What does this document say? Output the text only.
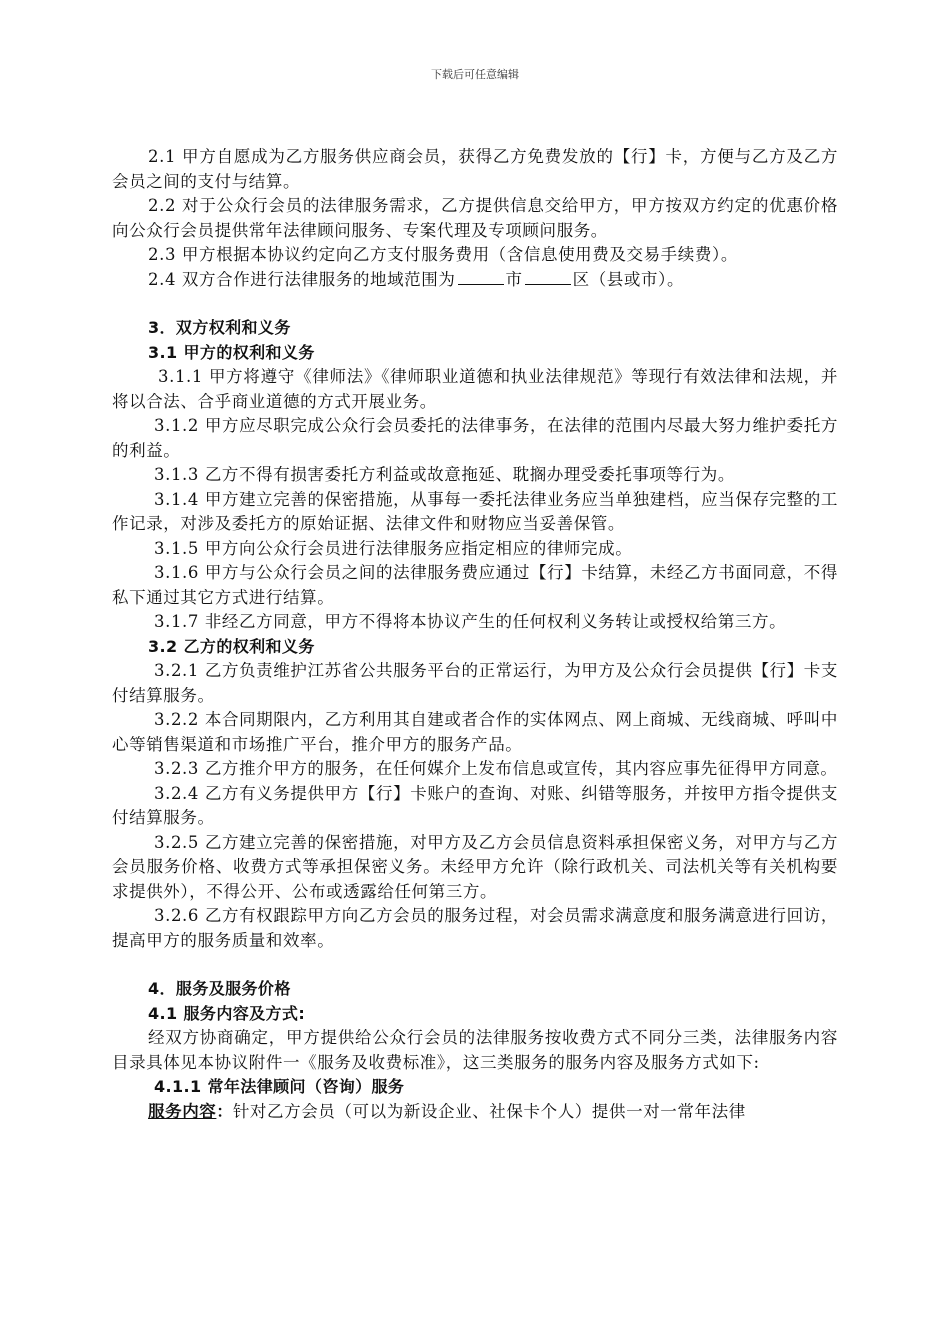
下载后可任意编辑

2.1 甲方自愿成为乙方服务供应商会员，获得乙方免费发放的【行】卡，方便与乙方及乙方会员之间的支付与结算。

2.2 对于公众行会员的法律服务需求，乙方提供信息交给甲方，甲方按双方约定的优惠价格向公众行会员提供常年法律顾问服务、专案代理及专项顾问服务。

2.3 甲方根据本协议约定向乙方支付服务费用（含信息使用费及交易手续费）。

2.4 双方合作进行法律服务的地域范围为	市	区（县或市）。

3．双方权利和义务

3.1 甲方的权利和义务

3.1.1 甲方将遵守《律师法》《律师职业道德和执业法律规范》等现行有效法律和法规，并将以合法、合乎商业道德的方式开展业务。

3.1.2 甲方应尽职完成公众行会员委托的法律事务，在法律的范围内尽最大努力维护委托方的利益。

3.1.3 乙方不得有损害委托方利益或故意拖延、耽搁办理受委托事项等行为。

3.1.4 甲方建立完善的保密措施，从事每一委托法律业务应当单独建档，应当保存完整的工作记录，对涉及委托方的原始证据、法律文件和财物应当妥善保管。

3.1.5 甲方向公众行会员进行法律服务应指定相应的律师完成。

3.1.6 甲方与公众行会员之间的法律服务费应通过【行】卡结算，未经乙方书面同意，不得私下通过其它方式进行结算。

3.1.7 非经乙方同意，甲方不得将本协议产生的任何权利义务转让或授权给第三方。

3.2 乙方的权利和义务

3.2.1 乙方负责维护江苏省公共服务平台的正常运行，为甲方及公众行会员提供【行】卡支付结算服务。

3.2.2 本合同期限内，乙方利用其自建或者合作的实体网点、网上商城、无线商城、呼叫中心等销售渠道和市场推广平台，推介甲方的服务产品。

3.2.3 乙方推介甲方的服务，在任何媒介上发布信息或宣传，其内容应事先征得甲方同意。

3.2.4 乙方有义务提供甲方【行】卡账户的查询、对账、纠错等服务，并按甲方指令提供支付结算服务。

3.2.5 乙方建立完善的保密措施，对甲方及乙方会员信息资料承担保密义务，对甲方与乙方会员服务价格、收费方式等承担保密义务。未经甲方允许（除行政机关、司法机关等有关机构要求提供外），不得公开、公布或透露给任何第三方。

3.2.6 乙方有权跟踪甲方向乙方会员的服务过程，对会员需求满意度和服务满意进行回访，提高甲方的服务质量和效率。

4．服务及服务价格

4.1 服务内容及方式:

经双方协商确定，甲方提供给公众行会员的法律服务按收费方式不同分三类，法律服务内容目录具体见本协议附件一《服务及收费标准》，这三类服务的服务内容及服务方式如下:

4.1.1 常年法律顾问（咨询）服务

服务内容：针对乙方会员（可以为新设企业、社保卡个人）提供一对一常年法律
